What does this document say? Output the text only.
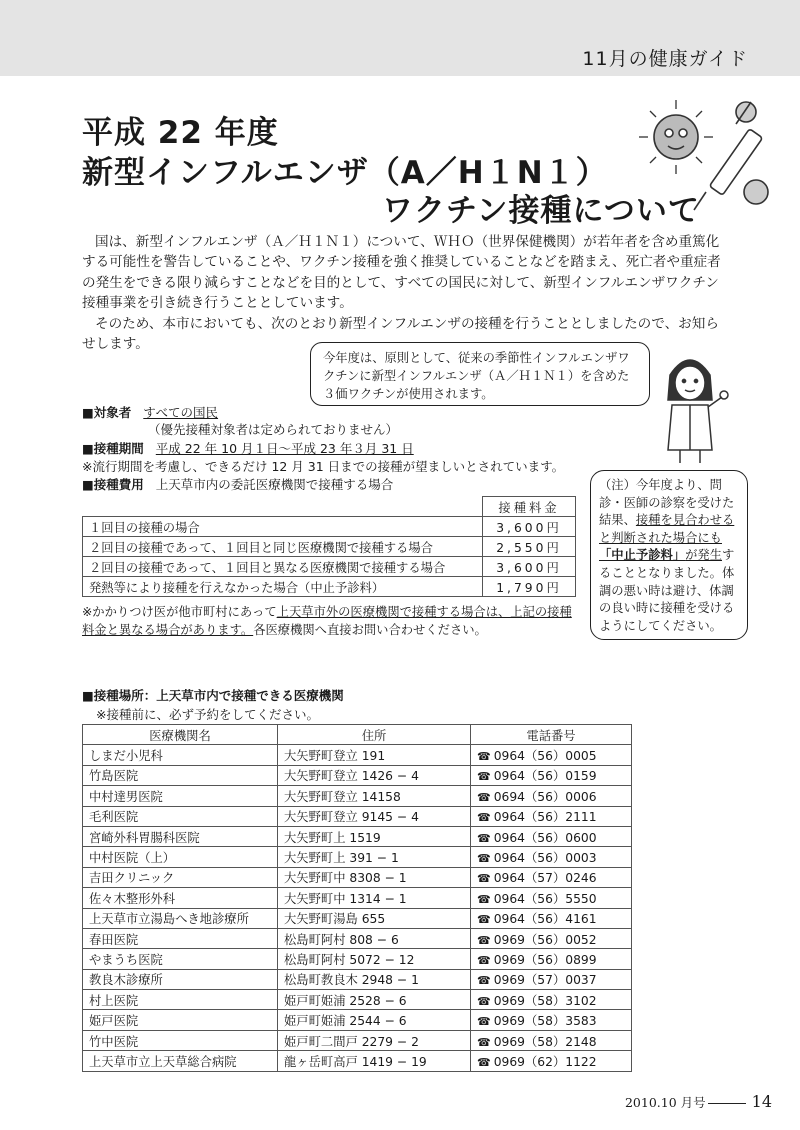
11月の健康ガイド
平成 22 年度
新型インフルエンザ（A／H１N１）
ワクチン接種について

国は、新型インフルエンザ（Ａ／Ｈ１Ｎ１）について、ＷＨＯ（世界保健機関）が若年者を含め重篤化する可能性を警告していることや、ワクチン接種を強く推奨していることなどを踏まえ、死亡者や重症者の発生をできる限り減らすことなどを目的として、すべての国民に対して、新型インフルエンザワクチン接種事業を引き続き行うこととしています。

そのため、本市においても、次のとおり新型インフルエンザの接種を行うこととしましたので、お知らせします。

今年度は、原則として、従来の季節性インフルエンザワクチンに新型インフルエンザ（Ａ／Ｈ１Ｎ１）を含めた３価ワクチンが使用されます。
■対象者 すべての国民
（優先接種対象者は定められておりません）
■接種期間 平成 22 年 10 月１日〜平成 23 年３月 31 日
※流行期間を考慮し、できるだけ 12 月 31 日までの接種が望ましいとされています。
■接種費用 上天草市内の委託医療機関で接種する場合
	接種料金
１回目の接種の場合	3,600円
２回目の接種であって、１回目と同じ医療機関で接種する場合	2,550円
２回目の接種であって、１回目と異なる医療機関で接種する場合	3,600円
発熱等により接種を行えなかった場合（中止予診料）	1,790円
※かかりつけ医が他市町村にあって上天草市外の医療機関で接種する場合は、上記の接種料金と異なる場合があります。各医療機関へ直接お問い合わせください。
（注）今年度より、問診・医師の診察を受けた結果、接種を見合わせると判断された場合にも「中止予診料」が発生することとなりました。体調の悪い時は避け、体調の良い時に接種を受けるようにしてください。
■接種場所：上天草市内で接種できる医療機関
※接種前に、必ず予約をしてください。
医療機関名	住所	電話番号
しまだ小児科	大矢野町登立 191	☎ 0964（56）0005
竹島医院	大矢野町登立 1426 − 4	☎ 0964（56）0159
中村達男医院	大矢野町登立 14158	☎ 0694（56）0006
毛利医院	大矢野町登立 9145 − 4	☎ 0964（56）2111
宮崎外科胃腸科医院	大矢野町上 1519	☎ 0964（56）0600
中村医院（上）	大矢野町上 391 − 1	☎ 0964（56）0003
吉田クリニック	大矢野町中 8308 − 1	☎ 0964（57）0246
佐々木整形外科	大矢野町中 1314 − 1	☎ 0964（56）5550
上天草市立湯島へき地診療所	大矢野町湯島 655	☎ 0964（56）4161
春田医院	松島町阿村 808 − 6	☎ 0969（56）0052
やまうち医院	松島町阿村 5072 − 12	☎ 0969（56）0899
教良木診療所	松島町教良木 2948 − 1	☎ 0969（57）0037
村上医院	姫戸町姫浦 2528 − 6	☎ 0969（58）3102
姫戸医院	姫戸町姫浦 2544 − 6	☎ 0969（58）3583
竹中医院	姫戸町二間戸 2279 − 2	☎ 0969（58）2148
上天草市立上天草総合病院	龍ヶ岳町高戸 1419 − 19	☎ 0969（62）1122
2010.10 月号	14
